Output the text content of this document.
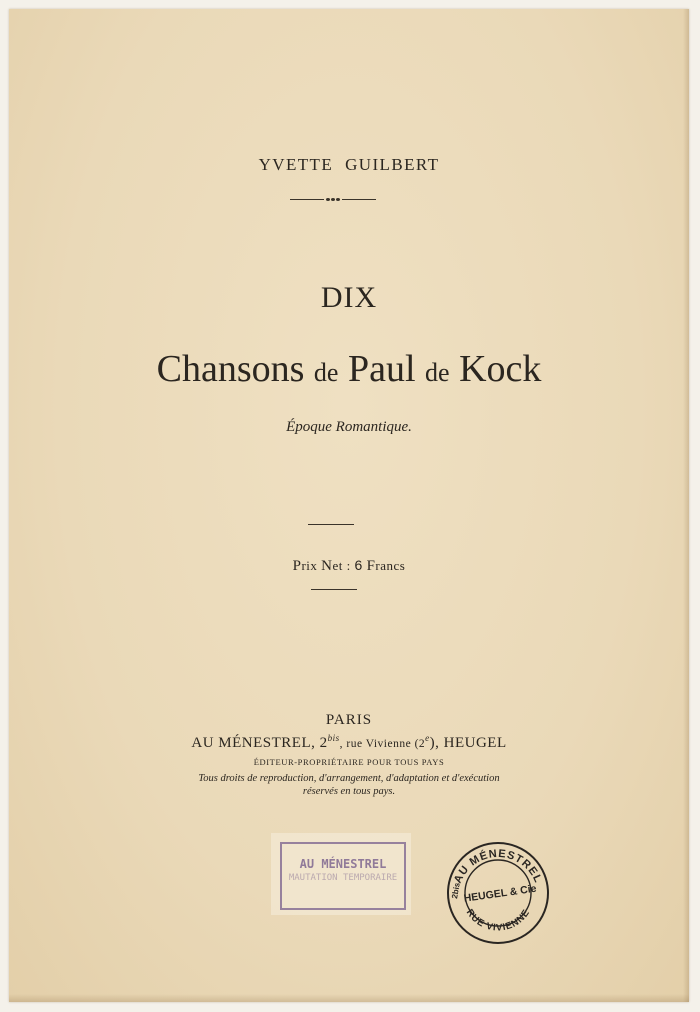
YVETTE GUILBERT
DIX
Chansons de Paul de Kock
Époque Romantique.
Prix Net : 6 Francs
PARIS
AU MÉNESTREL, $2^{bis}$, rue Vivienne (2e), HEUGEL
ÉDITEUR-PROPRIÉTAIRE POUR TOUS PAYS
Tous droits de reproduction, d'arrangement, d'adaptation et d'exécution
réservés en tous pays.
AU MÉNESTREL
MAUTATION TEMPORAIRE	AU MÉNESTREL
RUE VIVIENNE
HEUGEL & Cie
2bis
